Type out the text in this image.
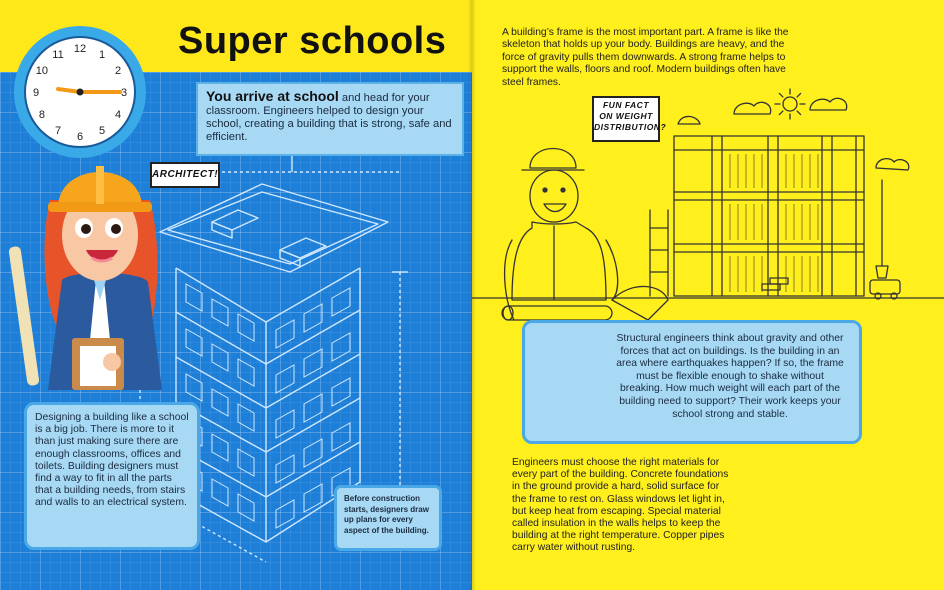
12 1
2
3
4
5
6
7
8
9
10
11
ARCHITECT!
Super schools
You arrive at school and head for your classroom. Engineers helped to design your school, creating a building that is strong, safe and efficient.
Designing a building like a school is a big job. There is more to it than just making sure there are enough classrooms, offices and toilets. Building designers must find a way to fit in all the parts that a building needs, from stairs and walls to an electrical system.	Before construction starts, designers draw up plans for every aspect of the building.

A building’s frame is the most important part. A frame is like the skeleton that holds up your body. Buildings are heavy, and the force of gravity pulls them downwards. A strong frame helps to support the walls, floors and roof. Modern buildings often have steel frames.

FUN FACT
ON WEIGHT
DISTRIBUTION?
Structural engineers think about gravity and other forces that act on buildings. Is the building in an area where earthquakes happen? If so, the frame must be flexible enough to shake without breaking. How much weight will each part of the building need to support? Their work keeps your school strong and stable.

Engineers must choose the right materials for every part of the building. Concrete foundations in the ground provide a hard, solid surface for the frame to rest on. Glass windows let light in, but keep heat from escaping. Special material called insulation in the walls helps to keep the building at the right temperature. Copper pipes carry water without rusting.
